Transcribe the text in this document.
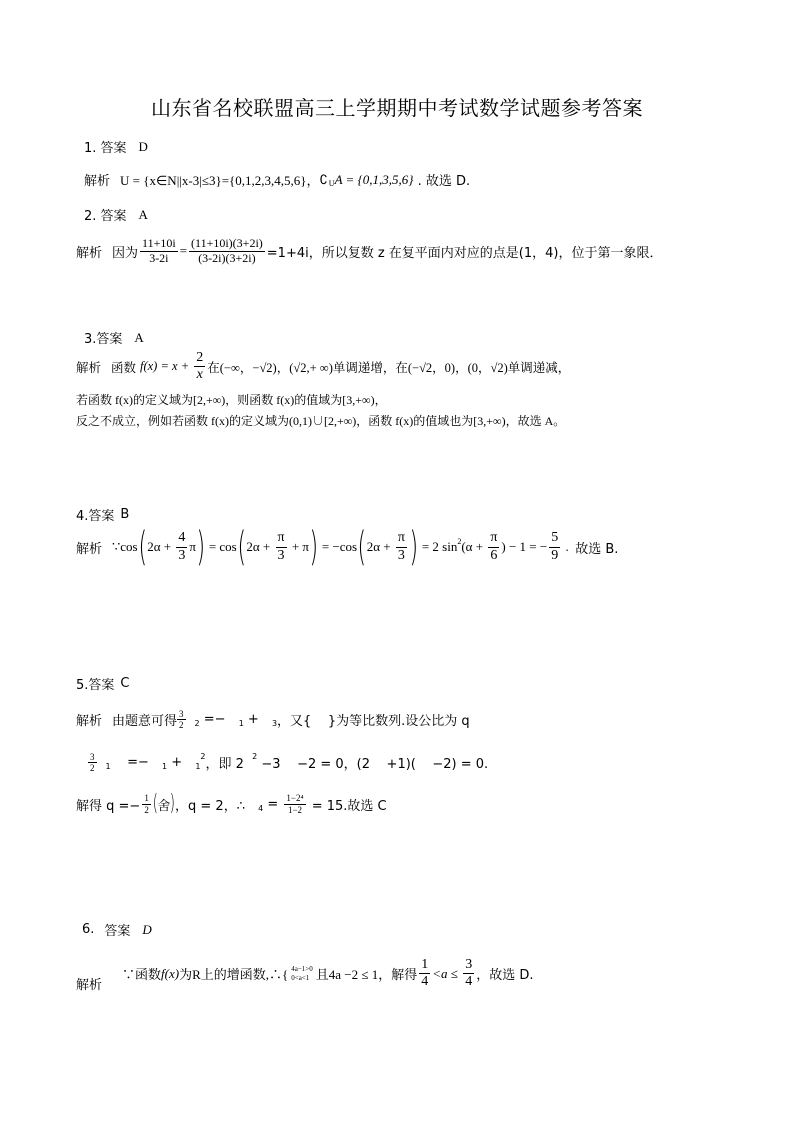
山东省名校联盟高三上学期期中考试数学试题参考答案
1. 答案 D
解析 U = {x∈N||x-3|≤3}={0,1,2,3,4,5,6}， ∁ U A = {0,1,3,5,6} . 故选 D.
2. 答案 A
解析 因为 $\frac{11+10i}{3-2i} = \frac{(11+10i)(3+2i)}{(3-2i)(3+2i)} =1+4i$，所以复数 z 在复平面内对应的点是(1，4)，位于第一象限．
3.答案 A
解析 函数 $f(x) = x + \frac{2}{x}$ 在(−∞，−√2)，(√2,+ ∞)单调递增，在(−√2，0)，(0，√2)单调递减，
若函数 f(x)的定义域为[2,+∞)，则函数 f(x)的值域为[3,+∞)，
反之不成立，例如若函数 f(x)的定义域为(0,1)∪[2,+∞)，函数 f(x)的值域也为[3,+∞)，故选 A。
4.答案 B
解析 ∵cos ( $2\alpha + \frac{4}{3}$ π ) = cos ( $2\alpha + \frac{\pi}{3} + \pi$ ) = −cos ( $2\alpha + \frac{\pi}{3}$ ) = 2 sin 2 ($\alpha + \frac{\pi}{6}$ ) − 1 = − $\frac{5}{9}$ . 故选 B.
5.答案 C
解析 由题意可得 $\frac{3}{2} 2 =- 1 + 3$ ，又{    }为等比数列.设公比为 q
$\frac{3}{2} 1 =- 1 + 1$
2
，即 2
2
−3    −2 = 0，(2    +1)(    −2) = 0.
解得 $q =- \frac{1}{2}$ ( 舍 ) ，q = 2，∴ $4 = \frac{\text{1−2⁴}}{1-2} = 15$.故选 C
6. 答案 D
解析
∵函数 f(x) 为R上的增函数,∴{ 4a−1>0
0<a<1 且4a −2 ≤ 1，解得 $\frac{1}{4} <a \le \frac{3}{4}$ ，故选 D.
